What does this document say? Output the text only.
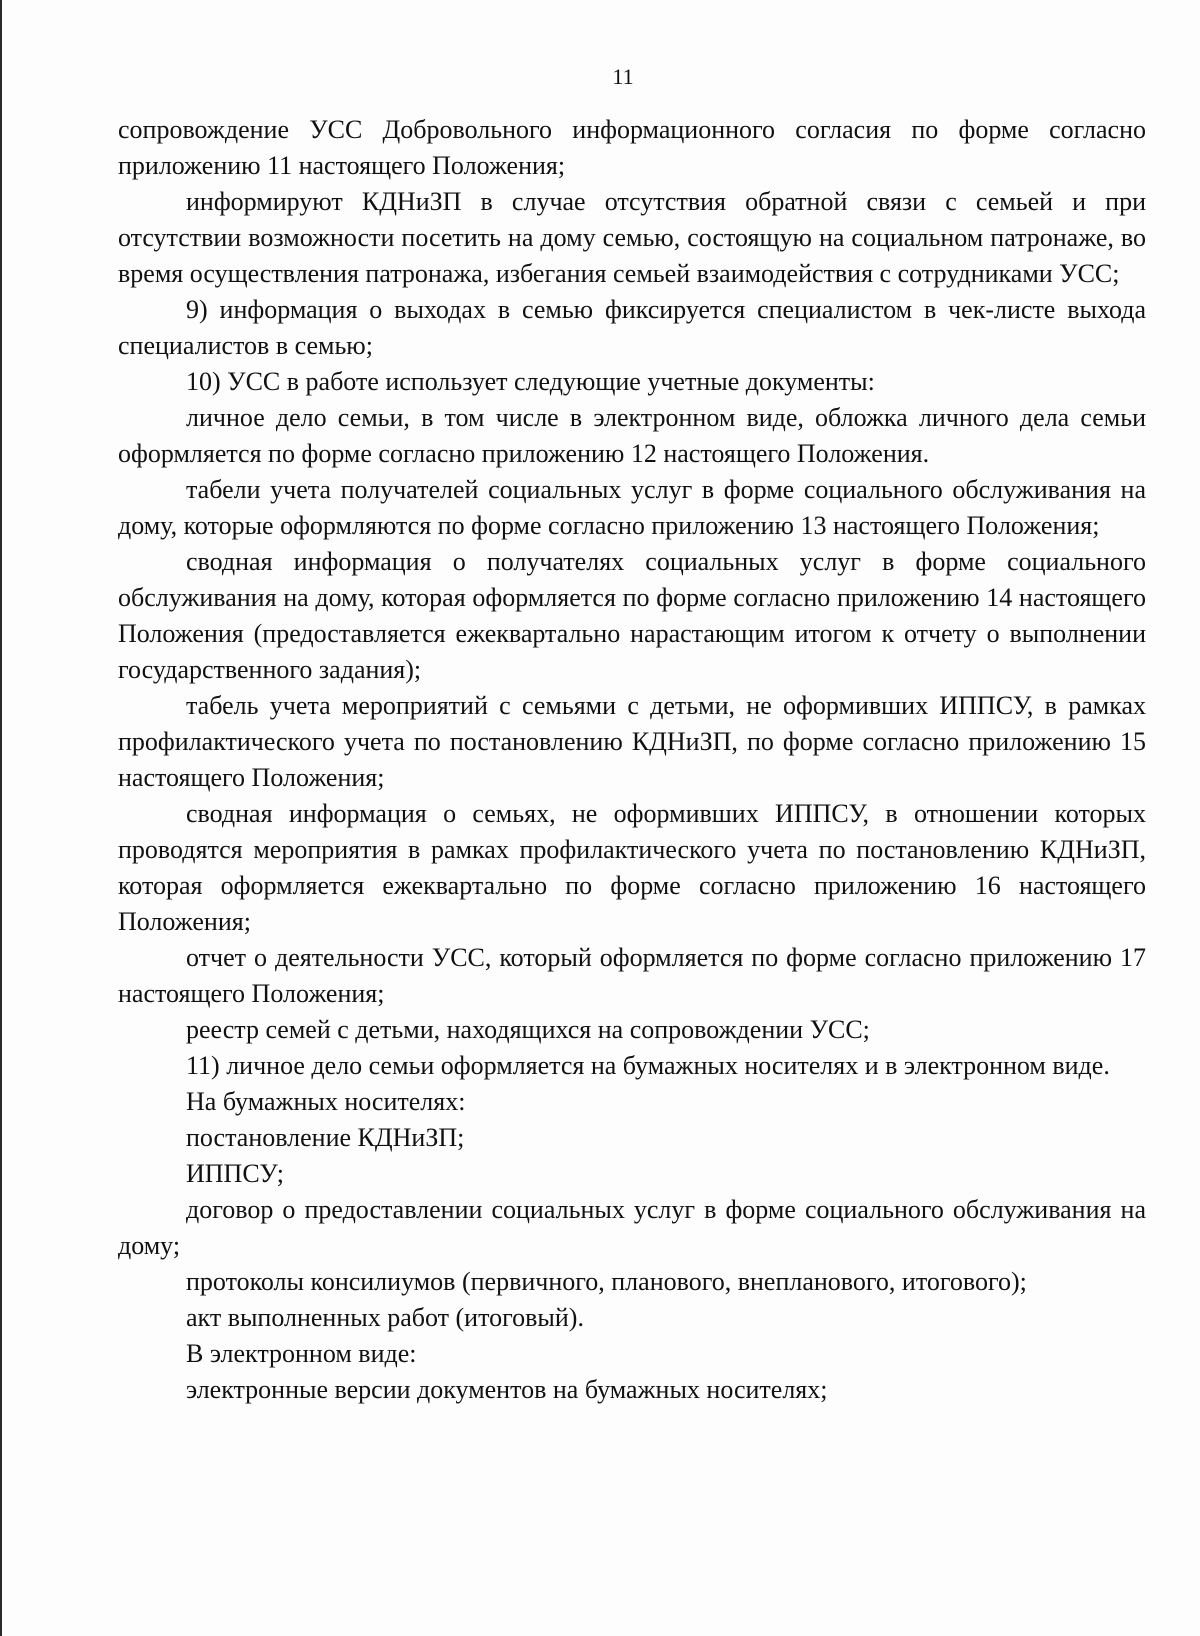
11

сопровождение УСС Добровольного информационного согласия по форме согласно приложению 11 настоящего Положения;

информируют КДНиЗП в случае отсутствия обратной связи с семьей и при отсутствии возможности посетить на дому семью, состоящую на социальном патронаже, во время осуществления патронажа, избегания семьей взаимодействия с сотрудниками УСС;

9) информация о выходах в семью фиксируется специалистом в чек-листе выхода специалистов в семью;

10) УСС в работе использует следующие учетные документы:

личное дело семьи, в том числе в электронном виде, обложка личного дела семьи оформляется по форме согласно приложению 12 настоящего Положения.

табели учета получателей социальных услуг в форме социального обслуживания на дому, которые оформляются по форме согласно приложению 13 настоящего Положения;

сводная информация о получателях социальных услуг в форме социального обслуживания на дому, которая оформляется по форме согласно приложению 14 настоящего Положения (предоставляется ежеквартально нарастающим итогом к отчету о выполнении государственного задания);

табель учета мероприятий с семьями с детьми, не оформивших ИППСУ, в рамках профилактического учета по постановлению КДНиЗП, по форме согласно приложению 15 настоящего Положения;

сводная информация о семьях, не оформивших ИППСУ, в отношении которых проводятся мероприятия в рамках профилактического учета по постановлению КДНиЗП, которая оформляется ежеквартально по форме согласно приложению 16 настоящего Положения;

отчет о деятельности УСС, который оформляется по форме согласно приложению 17 настоящего Положения;

реестр семей с детьми, находящихся на сопровождении УСС;

11) личное дело семьи оформляется на бумажных носителях и в электронном виде.

На бумажных носителях:

постановление КДНиЗП;

ИППСУ;

договор о предоставлении социальных услуг в форме социального обслуживания на дому;

протоколы консилиумов (первичного, планового, внепланового, итогового);

акт выполненных работ (итоговый).

В электронном виде:

электронные версии документов на бумажных носителях;
